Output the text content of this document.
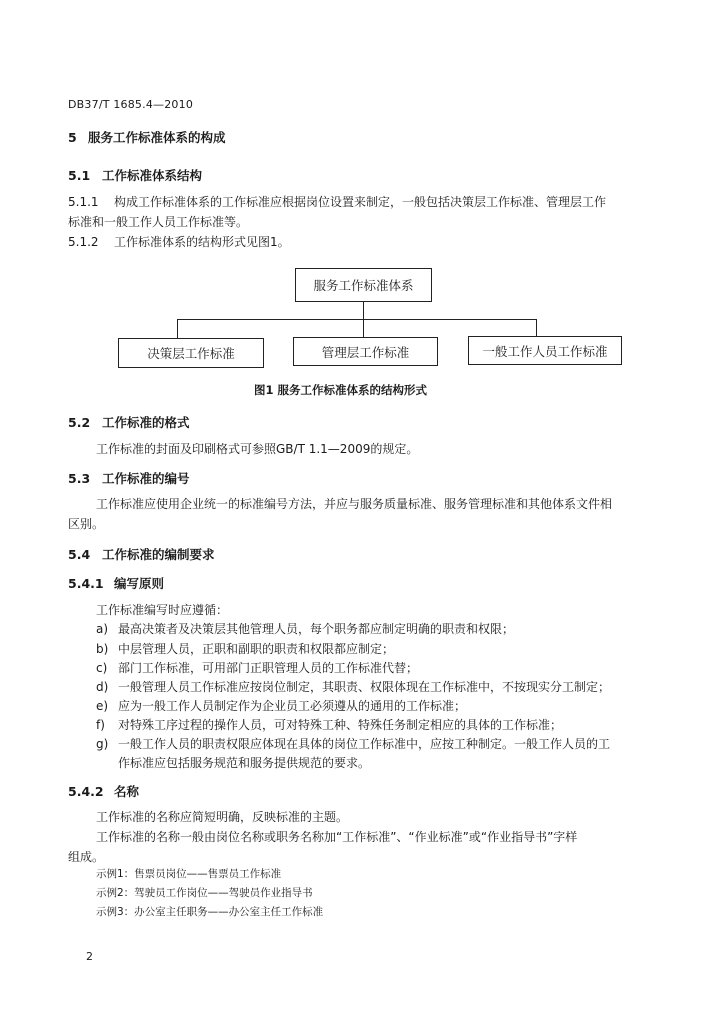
DB37/T 1685.4—2010
5 服务工作标准体系的构成
5.1 工作标准体系结构
5.1.1 构成工作标准体系的工作标准应根据岗位设置来制定，一般包括决策层工作标准、管理层工作
标准和一般工作人员工作标准等。
5.1.2 工作标准体系的结构形式见图1。
服务工作标准体系
决策层工作标准	管理层工作标准	一般工作人员工作标准
图1 服务工作标准体系的结构形式
5.2 工作标准的格式
工作标准的封面及印刷格式可参照GB/T 1.1—2009的规定。
5.3 工作标准的编号
工作标准应使用企业统一的标准编号方法，并应与服务质量标准、服务管理标准和其他体系文件相
区别。
5.4 工作标准的编制要求
5.4.1 编写原则
工作标准编写时应遵循：
a) 最高决策者及决策层其他管理人员，每个职务都应制定明确的职责和权限；
b) 中层管理人员，正职和副职的职责和权限都应制定；
c) 部门工作标准，可用部门正职管理人员的工作标准代替；
d) 一般管理人员工作标准应按岗位制定，其职责、权限体现在工作标准中，不按现实分工制定；
e) 应为一般工作人员制定作为企业员工必须遵从的通用的工作标准；
f) 对特殊工序过程的操作人员，可对特殊工种、特殊任务制定相应的具体的工作标准；
g) 一般工作人员的职责权限应体现在具体的岗位工作标准中，应按工种制定。一般工作人员的工
作标准应包括服务规范和服务提供规范的要求。
5.4.2 名称
工作标准的名称应简短明确，反映标准的主题。
工作标准的名称一般由岗位名称或职务名称加“工作标准”、“作业标准”或“作业指导书”字样
组成。
示例1：售票员岗位——售票员工作标准
示例2：驾驶员工作岗位——驾驶员作业指导书
示例3：办公室主任职务——办公室主任工作标准
2
